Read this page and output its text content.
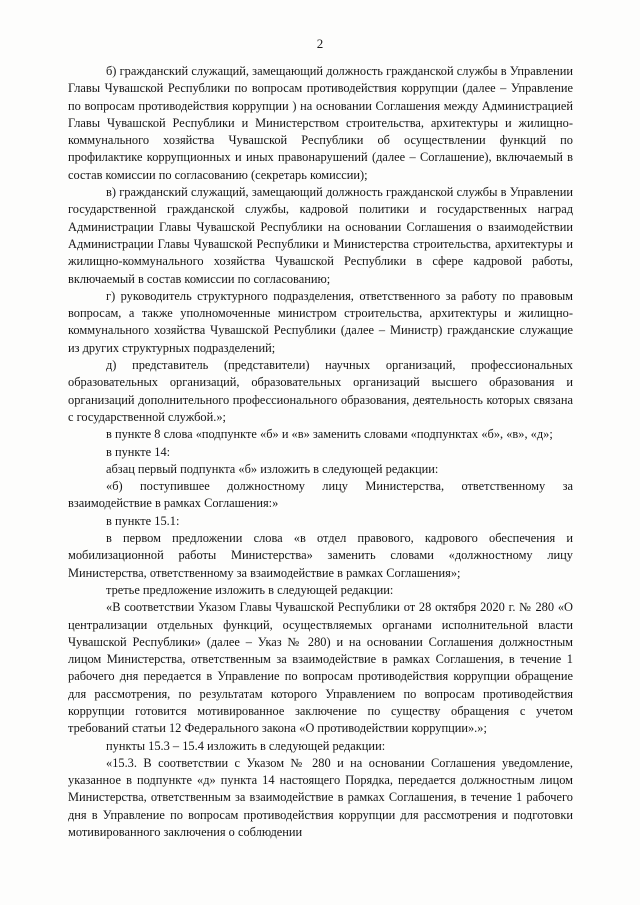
2

б) гражданский служащий, замещающий должность гражданской службы в Управлении Главы Чувашской Республики по вопросам противодействия коррупции (далее – Управление по вопросам противодействия коррупции ) на основании Соглашения между Администрацией Главы Чувашской Республики и Министерством строительства, архитектуры и жилищно-коммунального хозяйства Чувашской Республики об осуществлении функций по профилактике коррупционных и иных правонарушений (далее – Соглашение), включаемый в состав комиссии по согласованию (секретарь комиссии);

в) гражданский служащий, замещающий должность гражданской службы в Управлении государственной гражданской службы, кадровой политики и государственных наград Администрации Главы Чувашской Республики на основании Соглашения о взаимодействии Администрации Главы Чувашской Республики и Министерства строительства, архитектуры и жилищно-коммунального хозяйства Чувашской Республики в сфере кадровой работы, включаемый в состав комиссии по согласованию;

г) руководитель структурного подразделения, ответственного за работу по правовым вопросам, а также уполномоченные министром строительства, архитектуры и жилищно-коммунального хозяйства Чувашской Республики (далее – Министр) гражданские служащие из других структурных подразделений;

д) представитель (представители) научных организаций, профессиональных образовательных организаций, образовательных организаций высшего образования и организаций дополнительного профессионального образования, деятельность которых связана с государственной службой.»;

в пункте 8 слова «подпункте «б» и «в» заменить словами «подпунктах «б», «в», «д»;

в пункте 14:

абзац первый подпункта «б» изложить в следующей редакции:

«б) поступившее должностному лицу Министерства, ответственному за взаимодействие в рамках Соглашения:»

в пункте 15.1:

в первом предложении слова «в отдел правового, кадрового обеспечения и мобилизационной работы Министерства» заменить словами «должностному лицу Министерства, ответственному за взаимодействие в рамках Соглашения»;

третье предложение изложить в следующей редакции:

«В соответствии Указом Главы Чувашской Республики от 28 октября 2020 г. № 280 «О централизации отдельных функций, осуществляемых органами исполнительной власти Чувашской Республики» (далее – Указ № 280) и на основании Соглашения должностным лицом Министерства, ответственным за взаимодействие в рамках Соглашения, в течение 1 рабочего дня передается в Управление по вопросам противодействия коррупции обращение для рассмотрения, по результатам которого Управлением по вопросам противодействия коррупции готовится мотивированное заключение по существу обращения с учетом требований статьи 12 Федерального закона «О противодействии коррупции».»;

пункты 15.3 – 15.4 изложить в следующей редакции:

«15.3. В соответствии с Указом № 280 и на основании Соглашения уведомление, указанное в подпункте «д» пункта 14 настоящего Порядка, передается должностным лицом Министерства, ответственным за взаимодействие в рамках Соглашения, в течение 1 рабочего дня в Управление по вопросам противодействия коррупции для рассмотрения и подготовки мотивированного заключения о соблюдении
